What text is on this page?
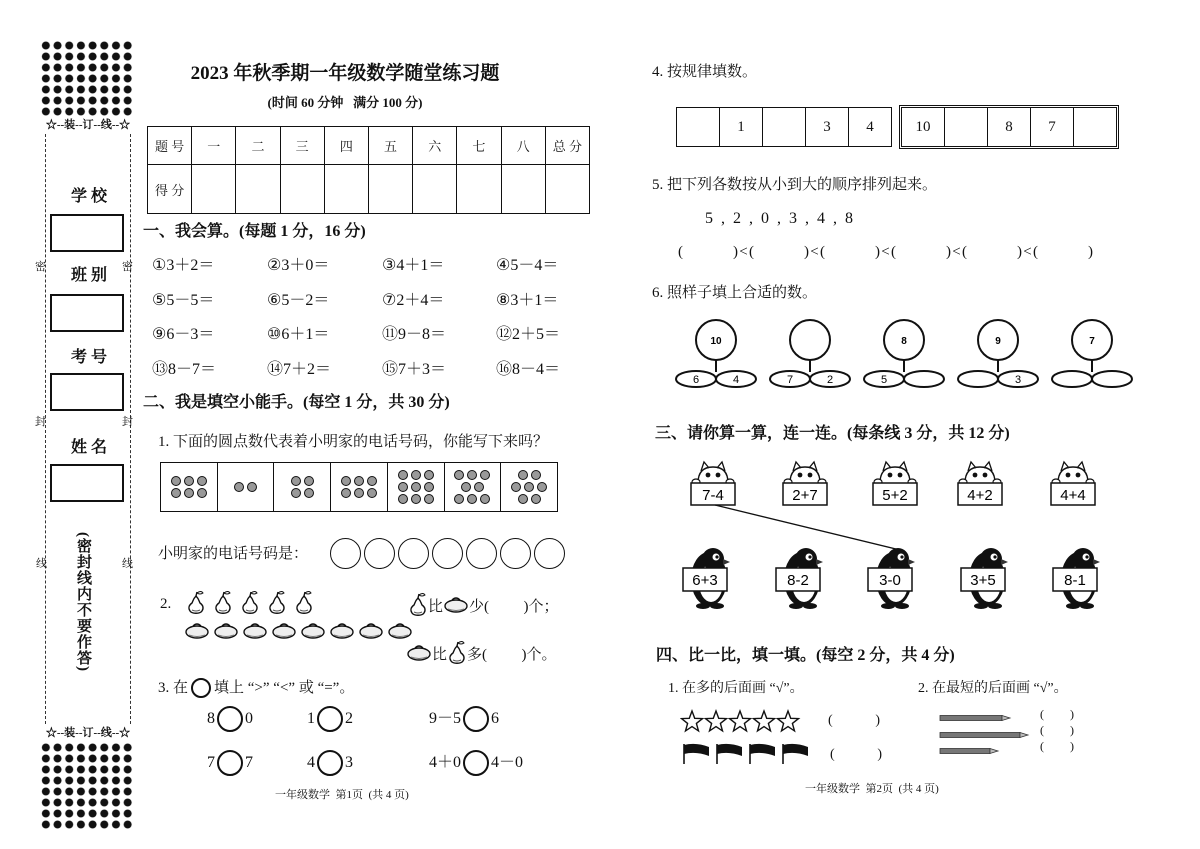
☆--装--订--线--☆
学 校
班 别
考 号
姓 名
密	密
封	封
线	线
(密封线内不要作答)
☆--装--订--线--☆
2023 年秋季期一年级数学随堂练习题
(时间 60 分钟   满分 100 分)
题 号	一	二	三	四	五	六	七	八	总 分
得 分									
一、我会算。(每题 1 分，16 分)
①3＋2＝	②3＋0＝	③4＋1＝	④5－4＝
⑤5－5＝	⑥5－2＝	⑦2＋4＝	⑧3＋1＝
⑨6－3＝	⑩6＋1＝	⑪9－8＝	⑫2＋5＝
⑬8－7＝	⑭7＋2＝	⑮7＋3＝	⑯8－4＝
二、我是填空小能手。(每空 1 分，共 30 分)
1. 下面的圆点数代表着小明家的电话号码，你能写下来吗？
小明家的电话号码是：
2.	比 少(      )个；
比 多(      )个。
3. 在 填上 “>” “<” 或 “=”。
8 0	1 2	9－5 6
7 7	4 3	4＋0 4－0
一年级数学  第1页  (共 4 页)
4. 按规律填数。
1	3	4	10	8	7
5. 把下列各数按从小到大的顺序排列起来。
5 , 2 , 0 , 3 , 4 , 8
( ) < ( ) < ( ) < ( ) < ( ) < ( )
6. 照样子填上合适的数。
10
6	4	7	2
8
5
9
3
7
三、请你算一算，连一连。(每条线 3 分，共 12 分)
7-4	2+7	5+2	4+2	4+4
6+3	8-2	3-0	3+5	8-1
四、比一比，填一填。(每空 2 分，共 4 分)
1. 在多的后面画 “√”。	2. 在最短的后面画 “√”。
( )
( )
( )
( )
( )
一年级数学  第2页  (共 4 页)
